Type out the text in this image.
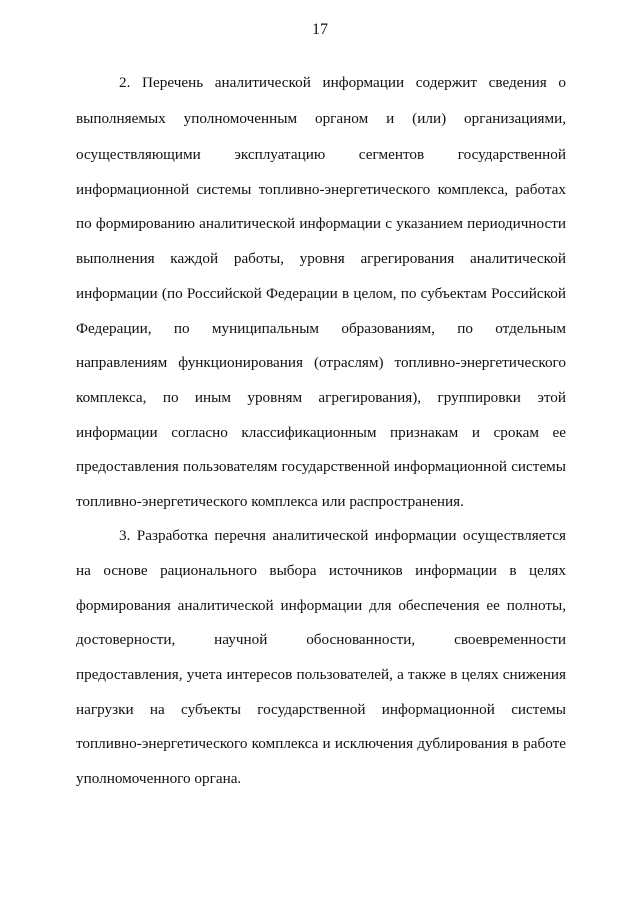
17
2. Перечень аналитической информации содержит сведения о
выполняемых уполномоченным органом и (или) организациями,
осуществляющими эксплуатацию сегментов государственной
информационной системы топливно-энергетического комплекса, работах
по формированию аналитической информации с указанием периодичности
выполнения каждой работы, уровня агрегирования аналитической
информации (по Российской Федерации в целом, по субъектам Российской
Федерации, по муниципальным образованиям, по отдельным
направлениям функционирования (отраслям) топливно-энергетического
комплекса, по иным уровням агрегирования), группировки этой
информации согласно классификационным признакам и срокам ее
предоставления пользователям государственной информационной системы
топливно-энергетического комплекса или распространения.
3. Разработка перечня аналитической информации осуществляется
на основе рационального выбора источников информации в целях
формирования аналитической информации для обеспечения ее полноты,
достоверности, научной обоснованности, своевременности
предоставления, учета интересов пользователей, а также в целях снижения
нагрузки на субъекты государственной информационной системы
топливно-энергетического комплекса и исключения дублирования в работе
уполномоченного органа.
